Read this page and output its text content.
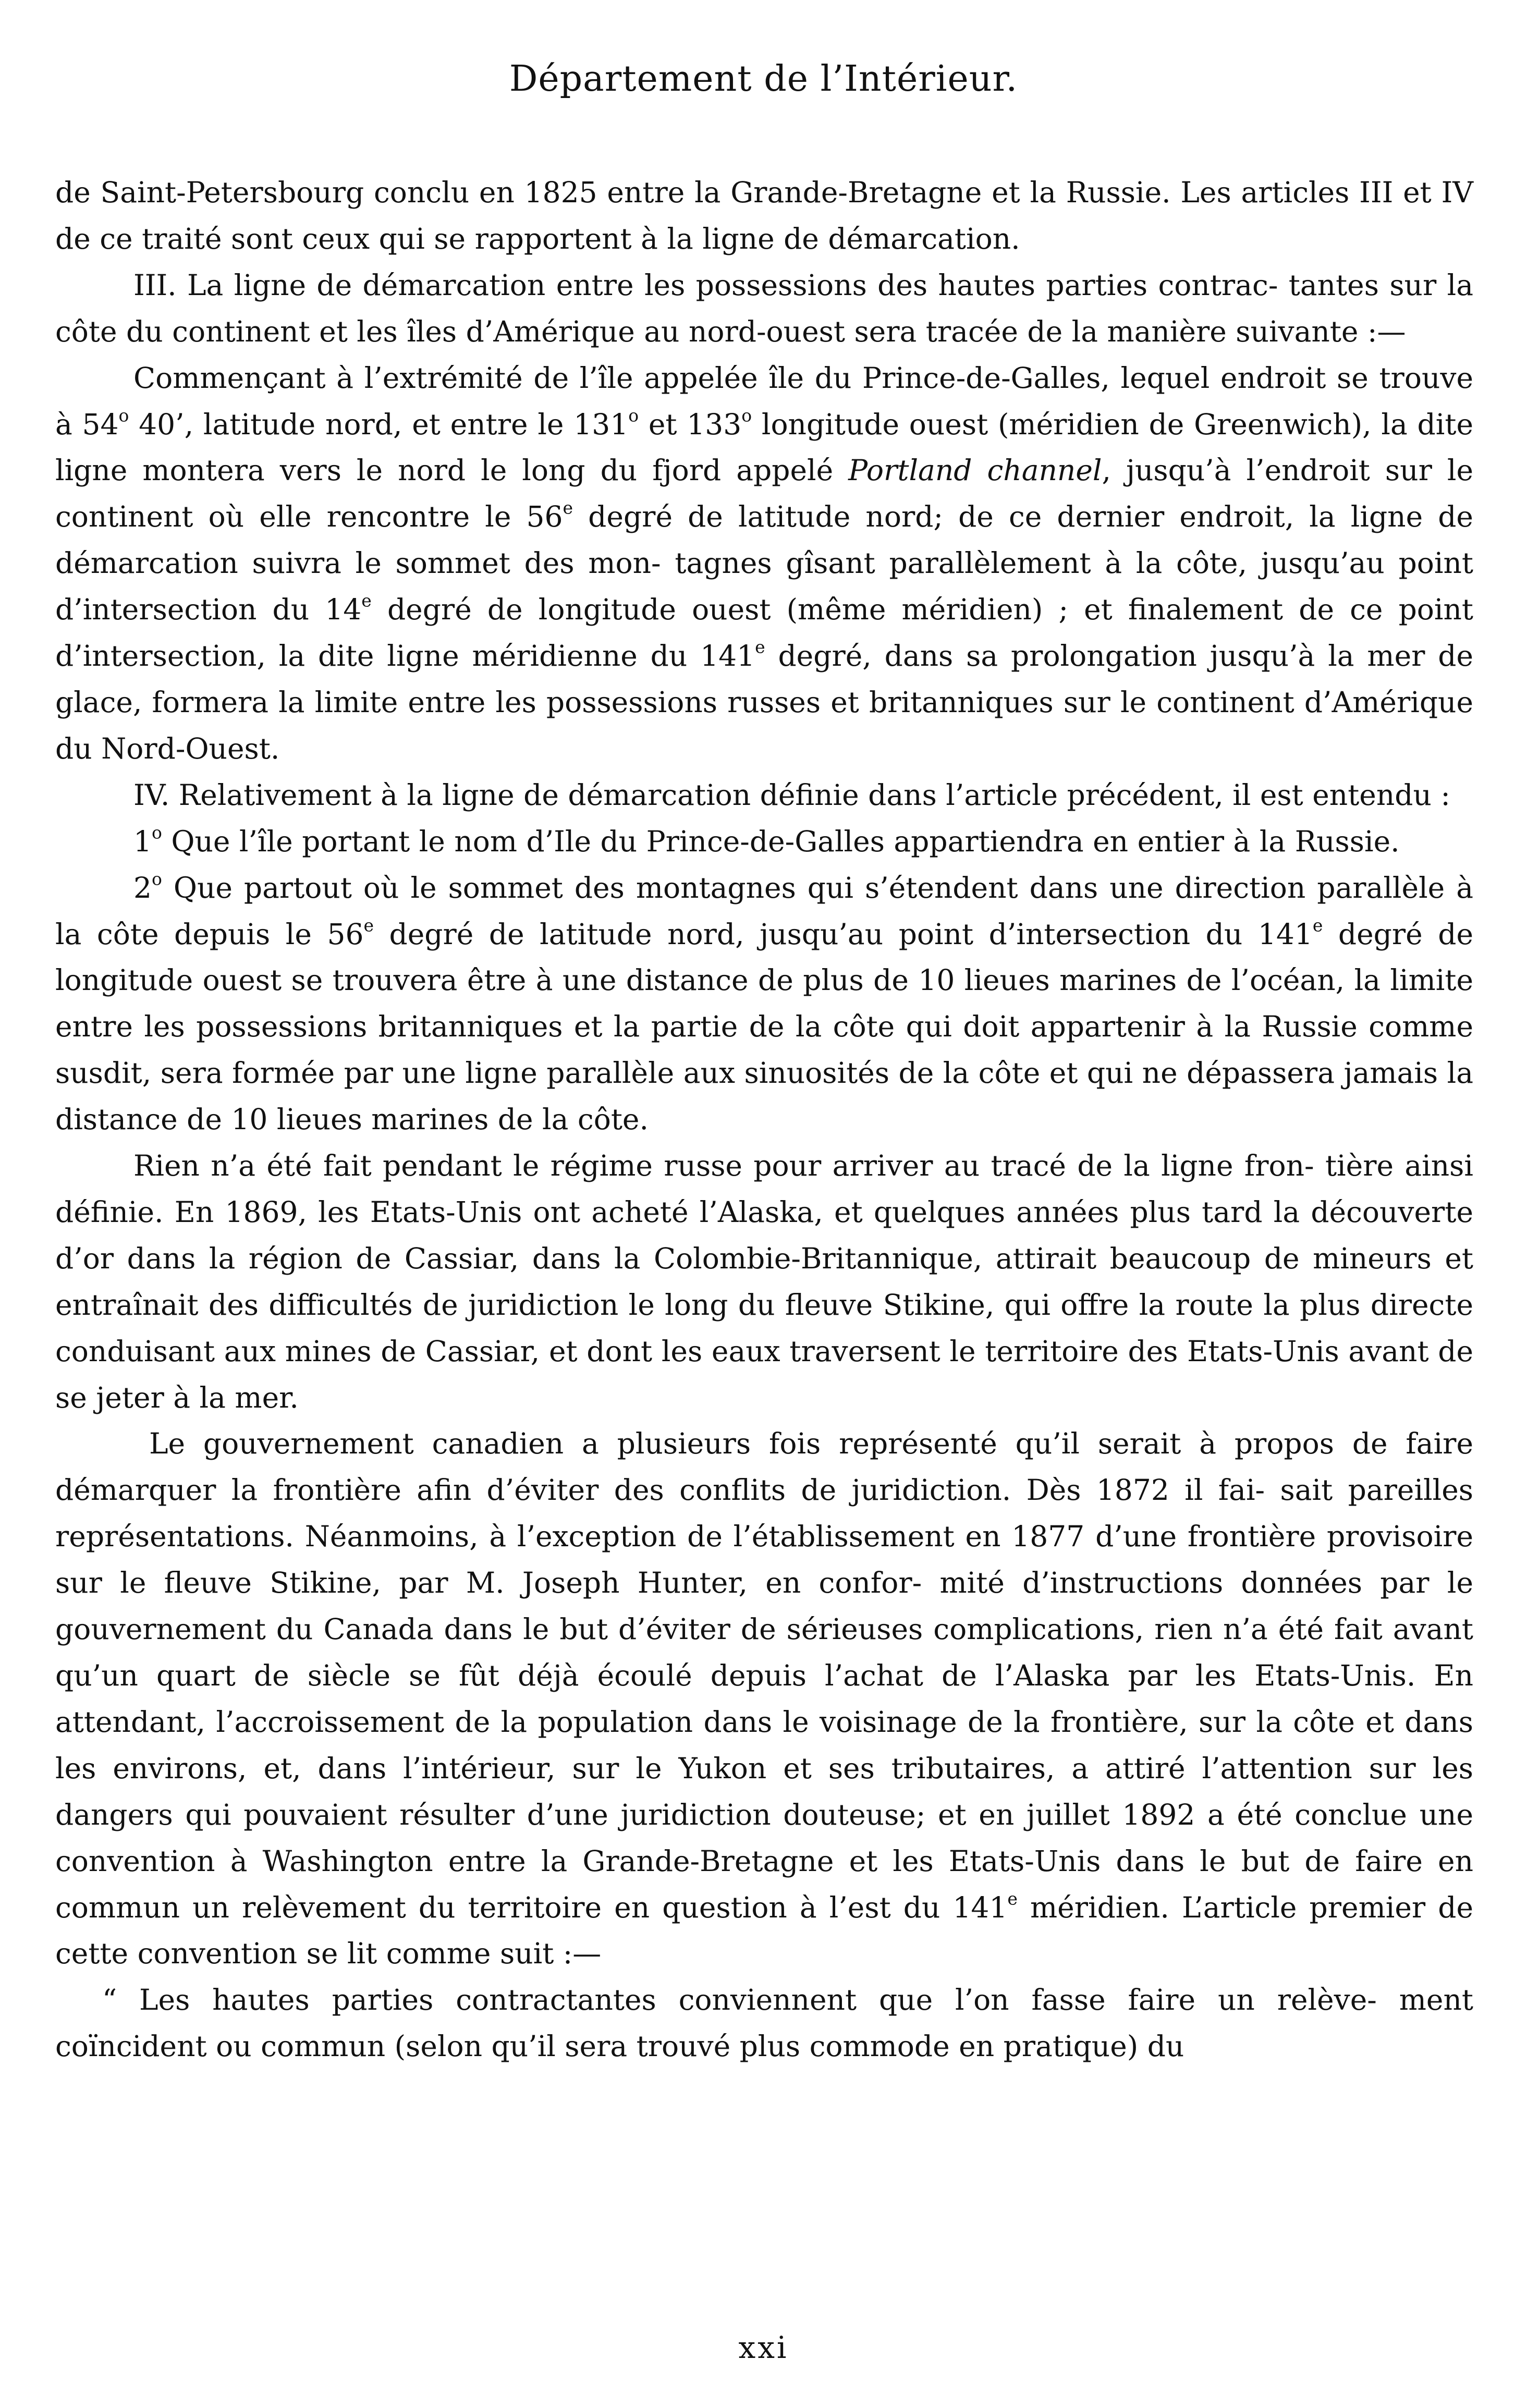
Département de l’Intérieur.

de Saint-Petersbourg conclu en 1825 entre la Grande-Bretagne et la Russie. Les articles III et IV de ce traité sont ceux qui se rapportent à la ligne de démarcation.

III. La ligne de démarcation entre les possessions des hautes parties contrac- tantes sur la côte du continent et les îles d’Amérique au nord-ouest sera tracée de la manière suivante :—

Commençant à l’extrémité de l’île appelée île du Prince-de-Galles, lequel endroit se trouve à 54$^o$ 40’, latitude nord, et entre le 131$^o$ et 133$^o$ longitude ouest (méridien de Greenwich), la dite ligne montera vers le nord le long du fjord appelé Portland channel, jusqu’à l’endroit sur le continent où elle rencontre le 56e degré de latitude nord; de ce dernier endroit, la ligne de démarcation suivra le sommet des mon- tagnes gîsant parallèlement à la côte, jusqu’au point d’intersection du 14e degré de longitude ouest (même méridien) ; et finalement de ce point d’intersection, la dite ligne méridienne du 141e degré, dans sa prolongation jusqu’à la mer de glace, formera la limite entre les possessions russes et britanniques sur le continent d’Amérique du Nord-Ouest.

IV. Relativement à la ligne de démarcation définie dans l’article précédent, il est entendu :

1$^o$ Que l’île portant le nom d’Ile du Prince-de-Galles appartiendra en entier à la Russie.

2$^o$ Que partout où le sommet des montagnes qui s’étendent dans une direction parallèle à la côte depuis le 56e degré de latitude nord, jusqu’au point d’intersection du 141e degré de longitude ouest se trouvera être à une distance de plus de 10 lieues marines de l’océan, la limite entre les possessions britanniques et la partie de la côte qui doit appartenir à la Russie comme susdit, sera formée par une ligne parallèle aux sinuosités de la côte et qui ne dépassera jamais la distance de 10 lieues marines de la côte.

Rien n’a été fait pendant le régime russe pour arriver au tracé de la ligne fron- tière ainsi définie. En 1869, les Etats-Unis ont acheté l’Alaska, et quelques années plus tard la découverte d’or dans la région de Cassiar, dans la Colombie-Britannique, attirait beaucoup de mineurs et entraînait des difficultés de juridiction le long du fleuve Stikine, qui offre la route la plus directe conduisant aux mines de Cassiar, et dont les eaux traversent le territoire des Etats-Unis avant de se jeter à la mer.

Le gouvernement canadien a plusieurs fois représenté qu’il serait à propos de faire démarquer la frontière afin d’éviter des conflits de juridiction. Dès 1872 il fai- sait pareilles représentations. Néanmoins, à l’exception de l’établissement en 1877 d’une frontière provisoire sur le fleuve Stikine, par M. Joseph Hunter, en confor- mité d’instructions données par le gouvernement du Canada dans le but d’éviter de sérieuses complications, rien n’a été fait avant qu’un quart de siècle se fût déjà écoulé depuis l’achat de l’Alaska par les Etats-Unis. En attendant, l’accroissement de la population dans le voisinage de la frontière, sur la côte et dans les environs, et, dans l’intérieur, sur le Yukon et ses tributaires, a attiré l’attention sur les dangers qui pouvaient résulter d’une juridiction douteuse; et en juillet 1892 a été conclue une convention à Washington entre la Grande-Bretagne et les Etats-Unis dans le but de faire en commun un relèvement du territoire en question à l’est du 141e méridien. L’article premier de cette convention se lit comme suit :—

“ Les hautes parties contractantes conviennent que l’on fasse faire un relève- ment coïncident ou commun (selon qu’il sera trouvé plus commode en pratique) du

xxi
